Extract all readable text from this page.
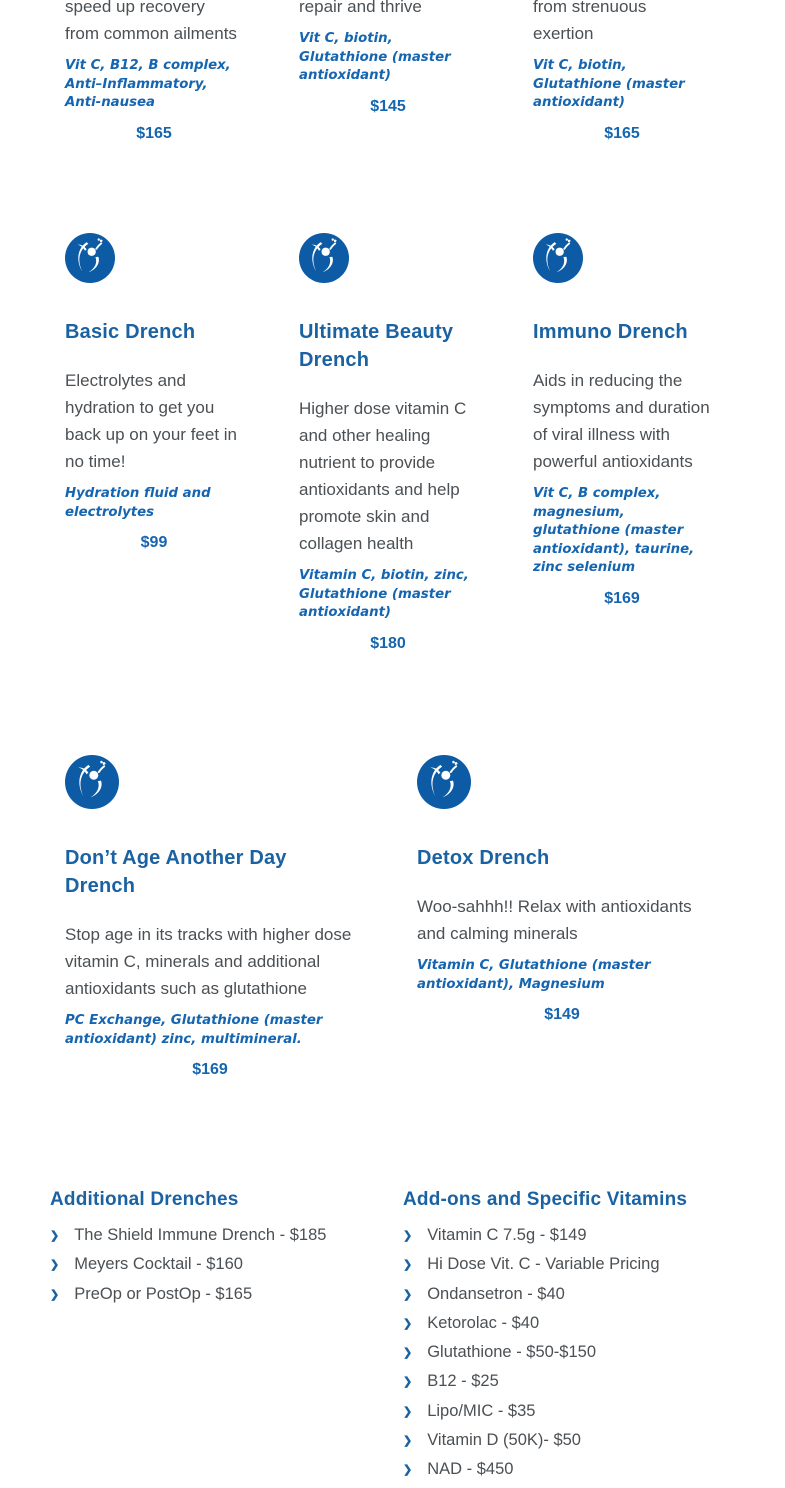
speed up recovery from common ailments

Vit C, B12, B complex, Anti–Inflammatory, Anti-nausea

$165

repair and thrive

Vit C, biotin, Glutathione (master antioxidant)

$145

from strenuous exertion

Vit C, biotin, Glutathione (master antioxidant)

$165
Basic Drench

Electrolytes and hydration to get you back up on your feet in no time!

Hydration fluid and electrolytes

$99
Ultimate Beauty Drench

Higher dose vitamin C and other healing nutrient to provide antioxidants and help promote skin and collagen health

Vitamin C, biotin, zinc, Glutathione (master antioxidant)

$180
Immuno Drench

Aids in reducing the symptoms and duration of viral illness with powerful antioxidants

Vit C, B complex, magnesium, glutathione (master antioxidant), taurine, zinc selenium

$169
Don’t Age Another Day Drench

Stop age in its tracks with higher dose vitamin C, minerals and additional antioxidants such as glutathione

PC Exchange, Glutathione (master antioxidant) zinc, multimineral.

$169
Detox Drench

Woo-sahhh!! Relax with antioxidants and calming minerals

Vitamin C, Glutathione (master antioxidant), Magnesium

$149
Additional Drenches
❯ The Shield Immune Drench - $185
❯ Meyers Cocktail - $160
❯ PreOp or PostOp - $165
Add-ons and Specific Vitamins
❯ Vitamin C 7.5g - $149
❯ Hi Dose Vit. C - Variable Pricing
❯ Ondansetron - $40
❯ Ketorolac - $40
❯ Glutathione - $50-$150
❯ B12 - $25
❯ Lipo/MIC - $35
❯ Vitamin D (50K)- $50
❯ NAD - $450
